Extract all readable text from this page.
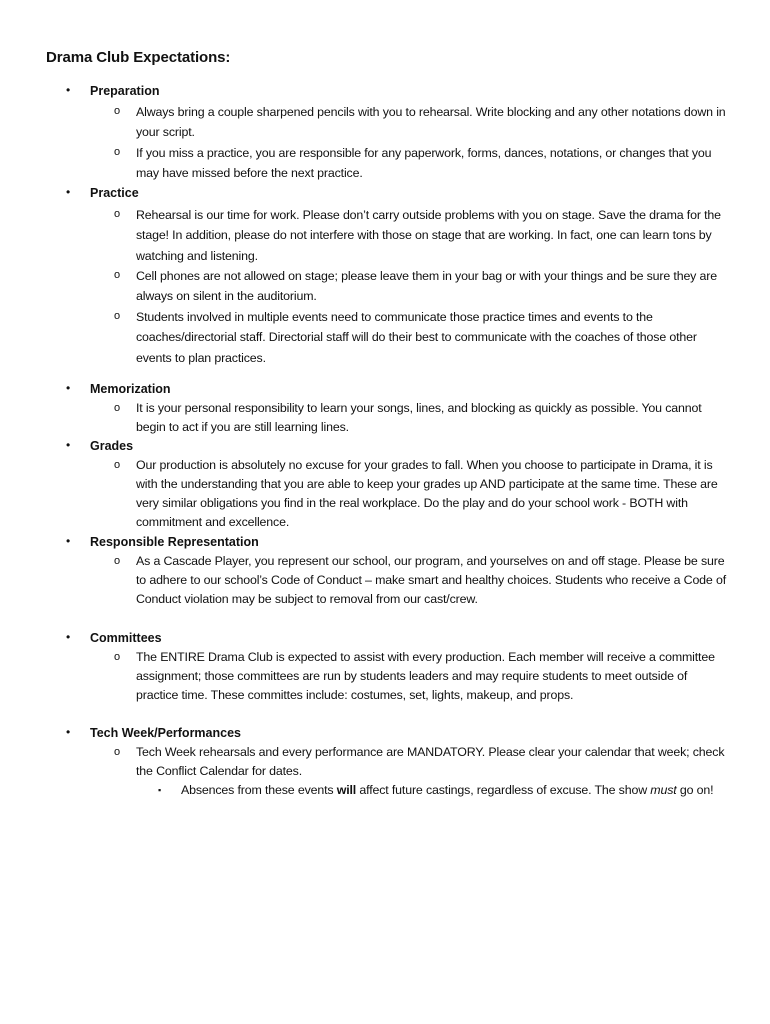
Drama Club Expectations:
• Preparation
o Always bring a couple sharpened pencils with you to rehearsal. Write blocking and any other notations down in your script.
o If you miss a practice, you are responsible for any paperwork, forms, dances, notations, or changes that you may have missed before the next practice.
• Practice
o Rehearsal is our time for work. Please don’t carry outside problems with you on stage. Save the drama for the stage! In addition, please do not interfere with those on stage that are working. In fact, one can learn tons by watching and listening.
o Cell phones are not allowed on stage; please leave them in your bag or with your things and be sure they are always on silent in the auditorium.
o Students involved in multiple events need to communicate those practice times and events to the coaches/directorial staff. Directorial staff will do their best to communicate with the coaches of those other events to plan practices.
• Memorization
o It is your personal responsibility to learn your songs, lines, and blocking as quickly as possible. You cannot begin to act if you are still learning lines.
• Grades
o Our production is absolutely no excuse for your grades to fall. When you choose to participate in Drama, it is with the understanding that you are able to keep your grades up AND participate at the same time. These are very similar obligations you find in the real workplace. Do the play and do your school work - BOTH with commitment and excellence.
• Responsible Representation
o As a Cascade Player, you represent our school, our program, and yourselves on and off stage. Please be sure to adhere to our school’s Code of Conduct – make smart and healthy choices. Students who receive a Code of Conduct violation may be subject to removal from our cast/crew.
• Committees
o The ENTIRE Drama Club is expected to assist with every production. Each member will receive a committee assignment; those committees are run by students leaders and may require students to meet outside of practice time. These committes include: costumes, set, lights, makeup, and props.
• Tech Week/Performances
o Tech Week rehearsals and every performance are MANDATORY. Please clear your calendar that week; check the Conflict Calendar for dates.
▪ Absences from these events will affect future castings, regardless of excuse. The show must go on!
